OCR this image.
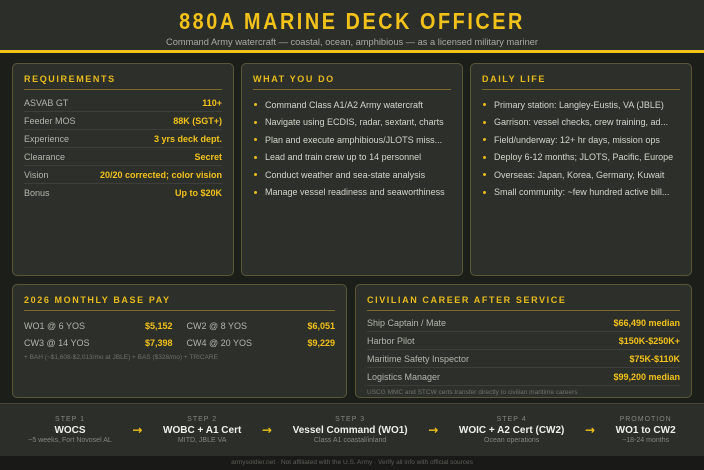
880A MARINE DECK OFFICER
Command Army watercraft — coastal, ocean, amphibious — as a licensed military mariner
REQUIREMENTS
ASVAB GT	110+
Feeder MOS	88K (SGT+)
Experience	3 yrs deck dept.
Clearance	Secret
Vision	20/20 corrected; color vision
Bonus	Up to $20K
WHAT YOU DO
Command Class A1/A2 Army watercraft
Navigate using ECDIS, radar, sextant, charts
Plan and execute amphibious/JLOTS miss...
Lead and train crew up to 14 personnel
Conduct weather and sea-state analysis
Manage vessel readiness and seaworthiness
DAILY LIFE
Primary station: Langley-Eustis, VA (JBLE)
Garrison: vessel checks, crew training, ad...
Field/underway: 12+ hr days, mission ops
Deploy 6-12 months; JLOTS, Pacific, Europe
Overseas: Japan, Korea, Germany, Kuwait
Small community: ~few hundred active bill...
2026 MONTHLY BASE PAY
WO1 @ 6 YOS	$5,152 CW2 @ 8 YOS	$6,051
CW3 @ 14 YOS	$7,398 CW4 @ 20 YOS	$9,229
+ BAH (~$1,608-$2,013/mo at JBLE) + BAS ($328/mo) + TRICARE
CIVILIAN CAREER AFTER SERVICE
Ship Captain / Mate	$66,490 median
Harbor Pilot	$150K-$250K+
Maritime Safety Inspector	$75K-$110K
Logistics Manager	$99,200 median
USCG MMC and STCW certs transfer directly to civilian maritime careers
STEP 1
WOCS
~5 weeks, Fort Novosel AL
→
STEP 2
WOBC + A1 Cert
MITD, JBLE VA
→
STEP 3
Vessel Command (WO1)
Class A1 coastal/inland
→
STEP 4
WOIC + A2 Cert (CW2)
Ocean operations
→
PROMOTION
WO1 to CW2
~18-24 months
armysoldier.net · Not affiliated with the U.S. Army · Verify all info with official sources
